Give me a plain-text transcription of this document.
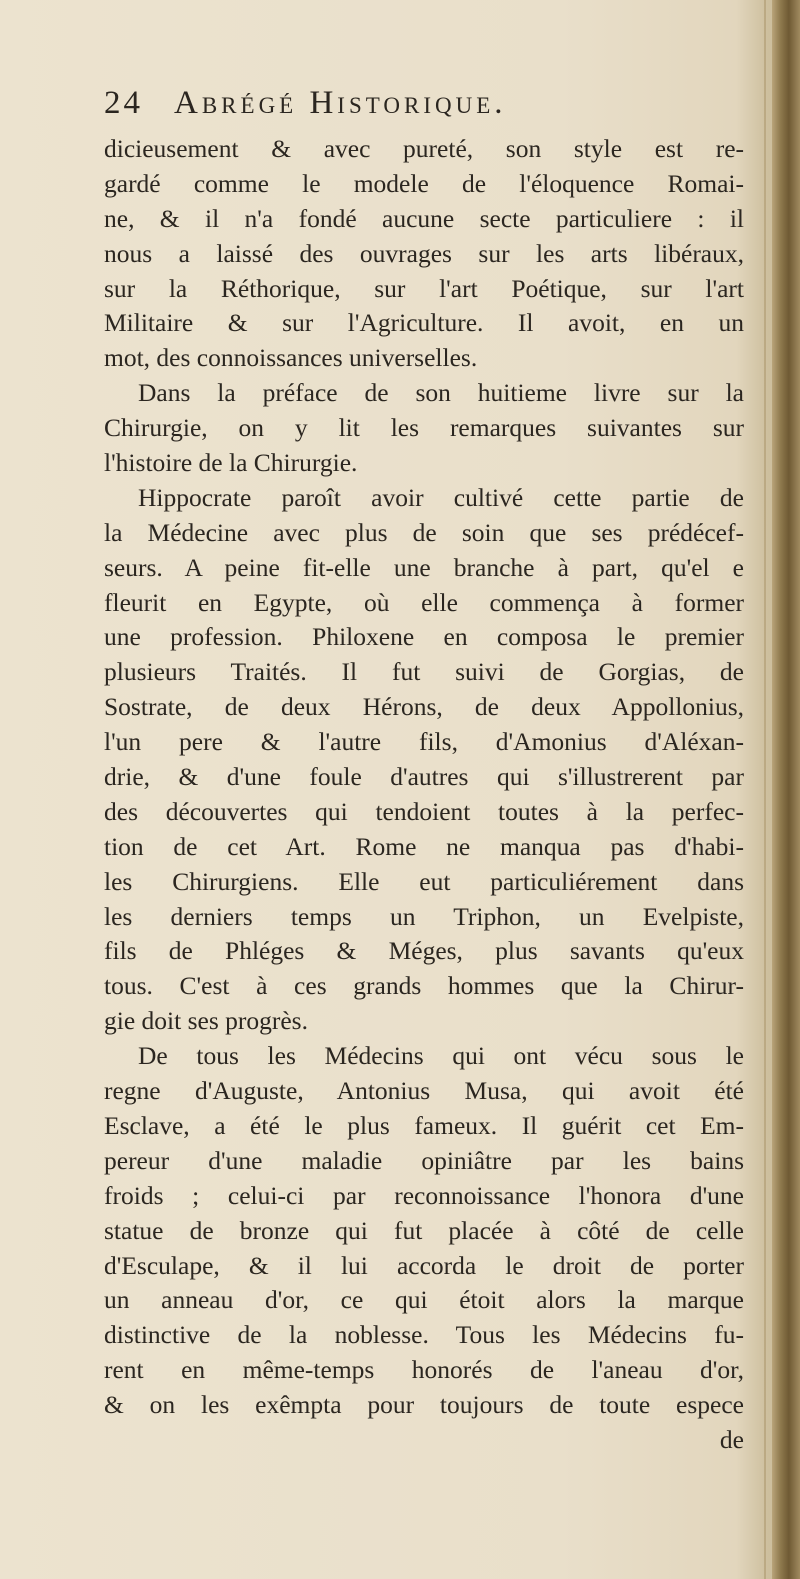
24 Abrégé Historique.
dicieusement & avec pureté, son style est re-
gardé comme le modele de l'éloquence Romai-
ne, & il n'a fondé aucune secte particuliere : il
nous a laissé des ouvrages sur les arts libéraux,
sur la Réthorique, sur l'art Poétique, sur l'art
Militaire & sur l'Agriculture. Il avoit, en un
mot, des connoissances universelles.
Dans la préface de son huitieme livre sur la
Chirurgie, on y lit les remarques suivantes sur
l'histoire de la Chirurgie.
Hippocrate paroît avoir cultivé cette partie de
la Médecine avec plus de soin que ses prédécef-
seurs. A peine fit-elle une branche à part, qu'el e
fleurit en Egypte, où elle commença à former
une profession. Philoxene en composa le premier
plusieurs Traités. Il fut suivi de Gorgias, de
Sostrate, de deux Hérons, de deux Appollonius,
l'un pere & l'autre fils, d'Amonius d'Aléxan-
drie, & d'une foule d'autres qui s'illustrerent par
des découvertes qui tendoient toutes à la perfec-
tion de cet Art. Rome ne manqua pas d'habi-
les Chirurgiens. Elle eut particuliérement dans
les derniers temps un Triphon, un Evelpiste,
fils de Phléges & Méges, plus savants qu'eux
tous. C'est à ces grands hommes que la Chirur-
gie doit ses progrès.
De tous les Médecins qui ont vécu sous le
regne d'Auguste, Antonius Musa, qui avoit été
Esclave, a été le plus fameux. Il guérit cet Em-
pereur d'une maladie opiniâtre par les bains
froids ; celui-ci par reconnoissance l'honora d'une
statue de bronze qui fut placée à côté de celle
d'Esculape, & il lui accorda le droit de porter
un anneau d'or, ce qui étoit alors la marque
distinctive de la noblesse. Tous les Médecins fu-
rent en même-temps honorés de l'aneau d'or,
& on les exêmpta pour toujours de toute espece
de
